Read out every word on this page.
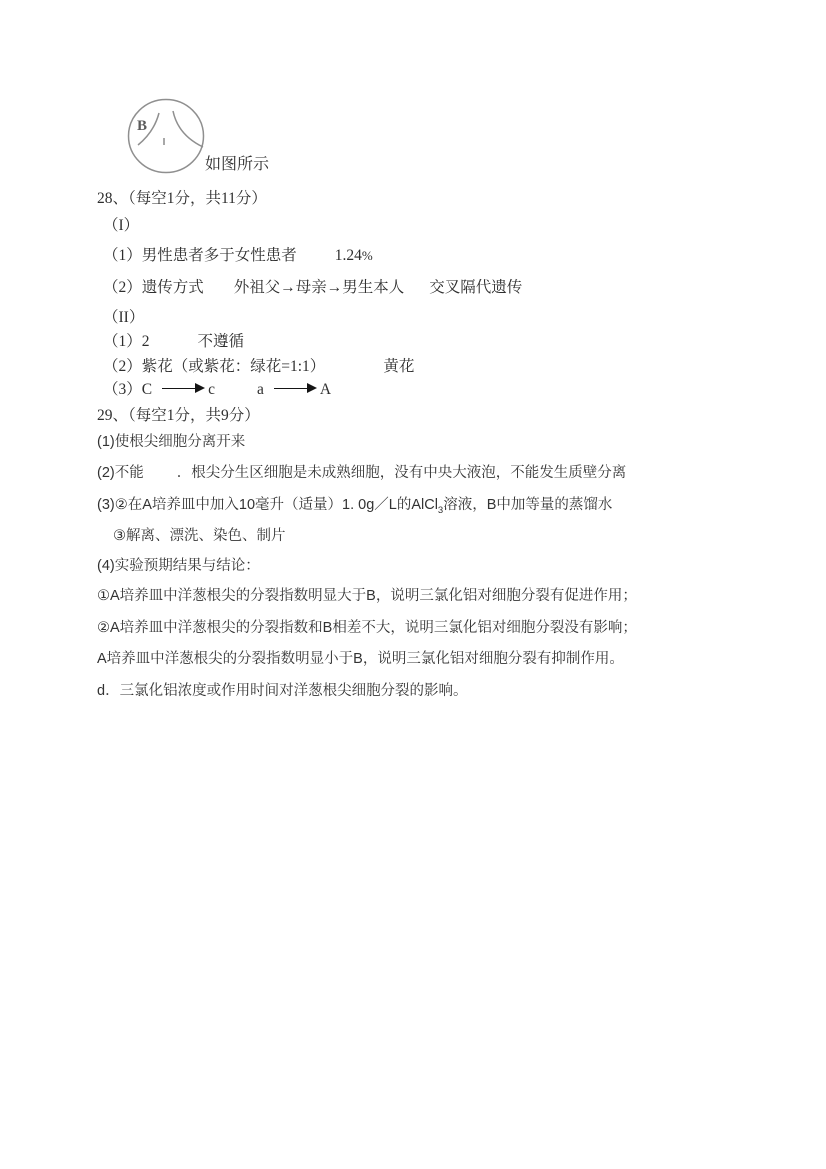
B
如图所示
28、（每空1分，共11分）
（I）
（1）男性患者多于女性患者 1.24%
（2）遗传方式 外祖父→母亲→男生本人 交叉隔代遗传
（II）
（1）2	不遵循
（2）紫花（或紫花：绿花=1:1）	黄花
（3）C	c	a	A
29、（每空1分，共9分）
(1)使根尖细胞分离开来
(2)不能 ．根尖分生区细胞是未成熟细胞，没有中央大液泡，不能发生质壁分离
(3)②在A培养皿中加入10毫升（适量）1. 0g／L的AlCl$_3$溶液，B中加等量的蒸馏水
③解离、漂洗、染色、制片
(4)实验预期结果与结论：
①A培养皿中洋葱根尖的分裂指数明显大于B，说明三氯化铝对细胞分裂有促进作用；
②A培养皿中洋葱根尖的分裂指数和B相差不大，说明三氯化铝对细胞分裂没有影响；
A培养皿中洋葱根尖的分裂指数明显小于B，说明三氯化铝对细胞分裂有抑制作用。
d．三氯化铝浓度或作用时间对洋葱根尖细胞分裂的影响。
